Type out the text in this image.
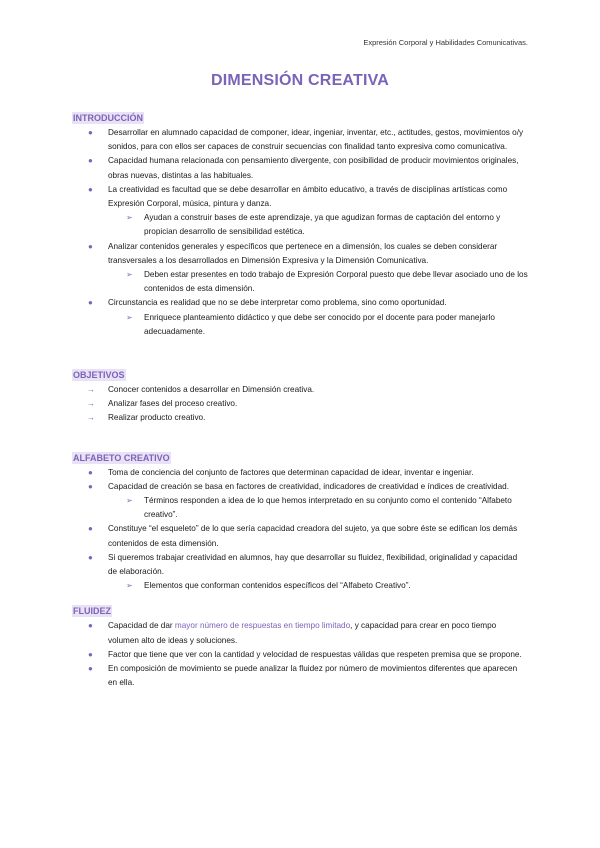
Expresión Corporal y Habilidades Comunicativas.
DIMENSIÓN CREATIVA
INTRODUCCIÓN
● Desarrollar en alumnado capacidad de componer, idear, ingeniar, inventar, etc., actitudes, gestos, movimientos o/y sonidos, para con ellos ser capaces de construir secuencias con finalidad tanto expresiva como comunicativa.
● Capacidad humana relacionada con pensamiento divergente, con posibilidad de producir movimientos originales, obras nuevas, distintas a las habituales.
● La creatividad es facultad que se debe desarrollar en ámbito educativo, a través de disciplinas artísticas como Expresión Corporal, música, pintura y danza.
➢ Ayudan a construir bases de este aprendizaje, ya que agudizan formas de captación del entorno y propician desarrollo de sensibilidad estética.
● Analizar contenidos generales y específicos que pertenece en a dimensión, los cuales se deben considerar transversales a los desarrollados en Dimensión Expresiva y la Dimensión Comunicativa.
➢ Deben estar presentes en todo trabajo de Expresión Corporal puesto que debe llevar asociado uno de los contenidos de esta dimensión.
● Circunstancia es realidad que no se debe interpretar como problema, sino como oportunidad.
➢ Enriquece planteamiento didáctico y que debe ser conocido por el docente para poder manejarlo adecuadamente.
OBJETIVOS
→ Conocer contenidos a desarrollar en Dimensión creativa.
→ Analizar fases del proceso creativo.
→ Realizar producto creativo.
ALFABETO CREATIVO
● Toma de conciencia del conjunto de factores que determinan capacidad de idear, inventar e ingeniar.
● Capacidad de creación se basa en factores de creatividad, indicadores de creatividad e índices de creatividad.
➢ Términos responden a idea de lo que hemos interpretado en su conjunto como el contenido “Alfabeto creativo”.
● Constituye “el esqueleto” de lo que sería capacidad creadora del sujeto, ya que sobre éste se edifican los demás contenidos de esta dimensión.
● Si queremos trabajar creatividad en alumnos, hay que desarrollar su fluidez, flexibilidad, originalidad y capacidad de elaboración.
➢ Elementos que conforman contenidos específicos del “Alfabeto Creativo”.
FLUIDEZ
● Capacidad de dar mayor número de respuestas en tiempo limitado, y capacidad para crear en poco tiempo volumen alto de ideas y soluciones.
● Factor que tiene que ver con la cantidad y velocidad de respuestas válidas que respeten premisa que se propone.
● En composición de movimiento se puede analizar la fluidez por número de movimientos diferentes que aparecen en ella.
